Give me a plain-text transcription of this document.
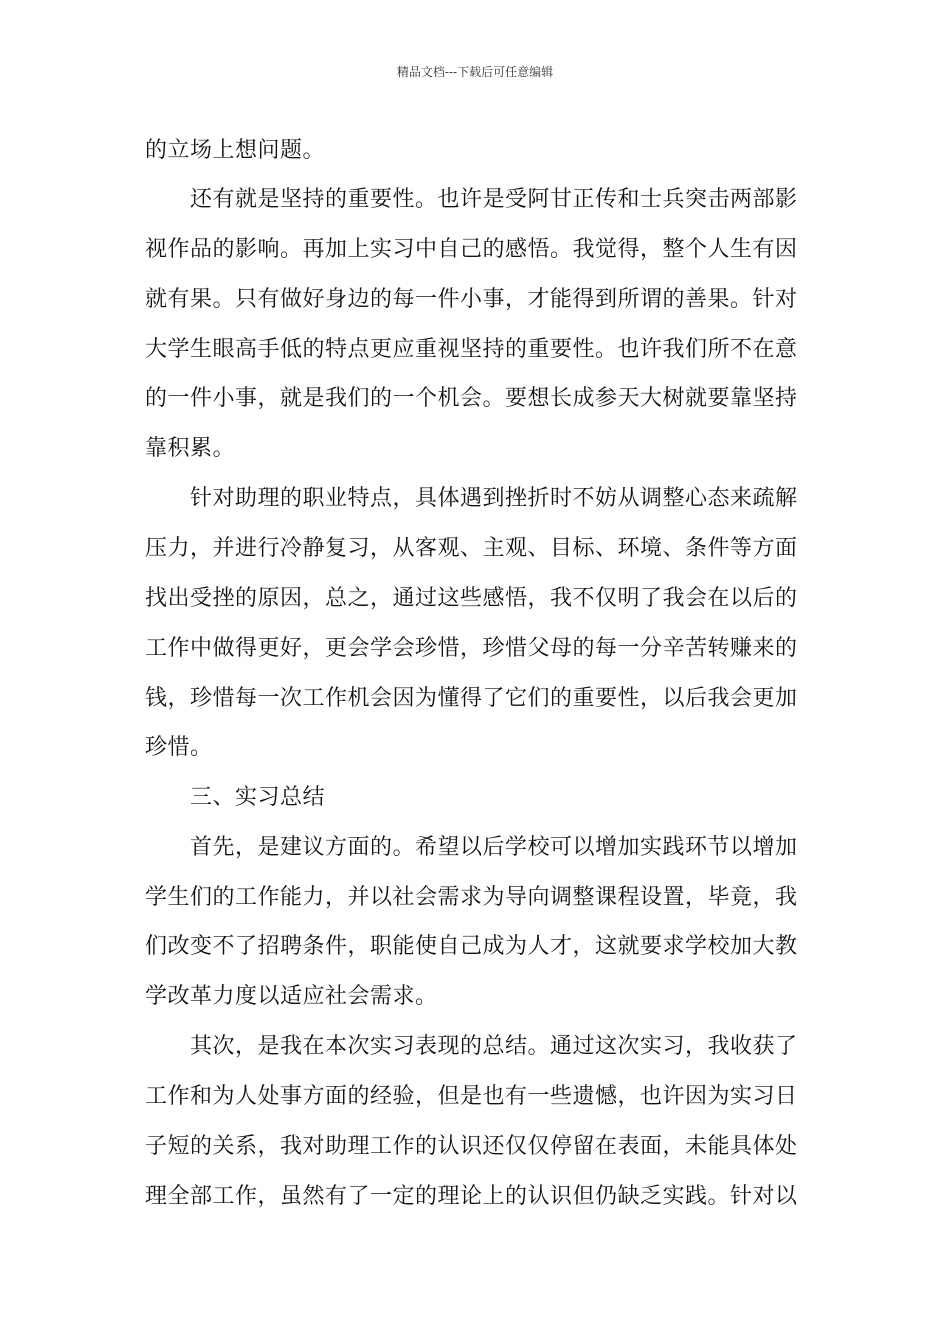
精品文档---下载后可任意编辑
的立场上想问题。
还有就是坚持的重要性。也许是受阿甘正传和士兵突击两部影
视作品的影响。再加上实习中自己的感悟。我觉得，整个人生有因
就有果。只有做好身边的每一件小事，才能得到所谓的善果。针对
大学生眼高手低的特点更应重视坚持的重要性。也许我们所不在意
的一件小事，就是我们的一个机会。要想长成参天大树就要靠坚持
靠积累。
针对助理的职业特点，具体遇到挫折时不妨从调整心态来疏解
压力，并进行冷静复习，从客观、主观、目标、环境、条件等方面
找出受挫的原因，总之，通过这些感悟，我不仅明了我会在以后的
工作中做得更好，更会学会珍惜，珍惜父母的每一分辛苦转赚来的
钱，珍惜每一次工作机会因为懂得了它们的重要性，以后我会更加
珍惜。
三、实习总结
首先，是建议方面的。希望以后学校可以增加实践环节以增加
学生们的工作能力，并以社会需求为导向调整课程设置，毕竟，我
们改变不了招聘条件，职能使自己成为人才，这就要求学校加大教
学改革力度以适应社会需求。
其次，是我在本次实习表现的总结。通过这次实习，我收获了
工作和为人处事方面的经验，但是也有一些遗憾，也许因为实习日
子短的关系，我对助理工作的认识还仅仅停留在表面，未能具体处
理全部工作，虽然有了一定的理论上的认识但仍缺乏实践。针对以
